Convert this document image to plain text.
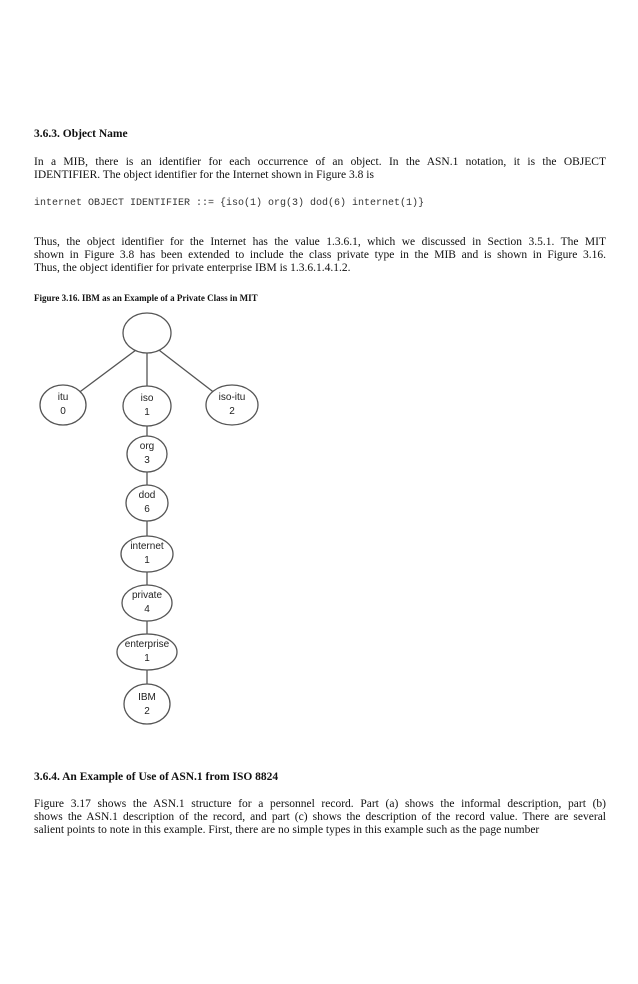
3.6.3. Object Name
In a MIB, there is an identifier for each occurrence of an object. In the ASN.1 notation, it is the OBJECT
IDENTIFIER. The object identifier for the Internet shown in Figure 3.8 is
internet OBJECT IDENTIFIER ::= {iso(1) org(3) dod(6) internet(1)}
Thus, the object identifier for the Internet has the value 1.3.6.1, which we discussed in Section 3.5.1. The MIT
shown in Figure 3.8 has been extended to include the class private type in the MIB and is shown in Figure 3.16.
Thus, the object identifier for private enterprise IBM is 1.3.6.1.4.1.2.
Figure 3.16. IBM as an Example of a Private Class in MIT
itu
0
iso
1
iso-itu
2
org
3
dod
6
internet
1
private
4
enterprise
1
IBM
2
3.6.4. An Example of Use of ASN.1 from ISO 8824
Figure 3.17 shows the ASN.1 structure for a personnel record. Part (a) shows the informal description, part (b)
shows the ASN.1 description of the record, and part (c) shows the description of the record value. There are several
salient points to note in this example. First, there are no simple types in this example such as the page number
